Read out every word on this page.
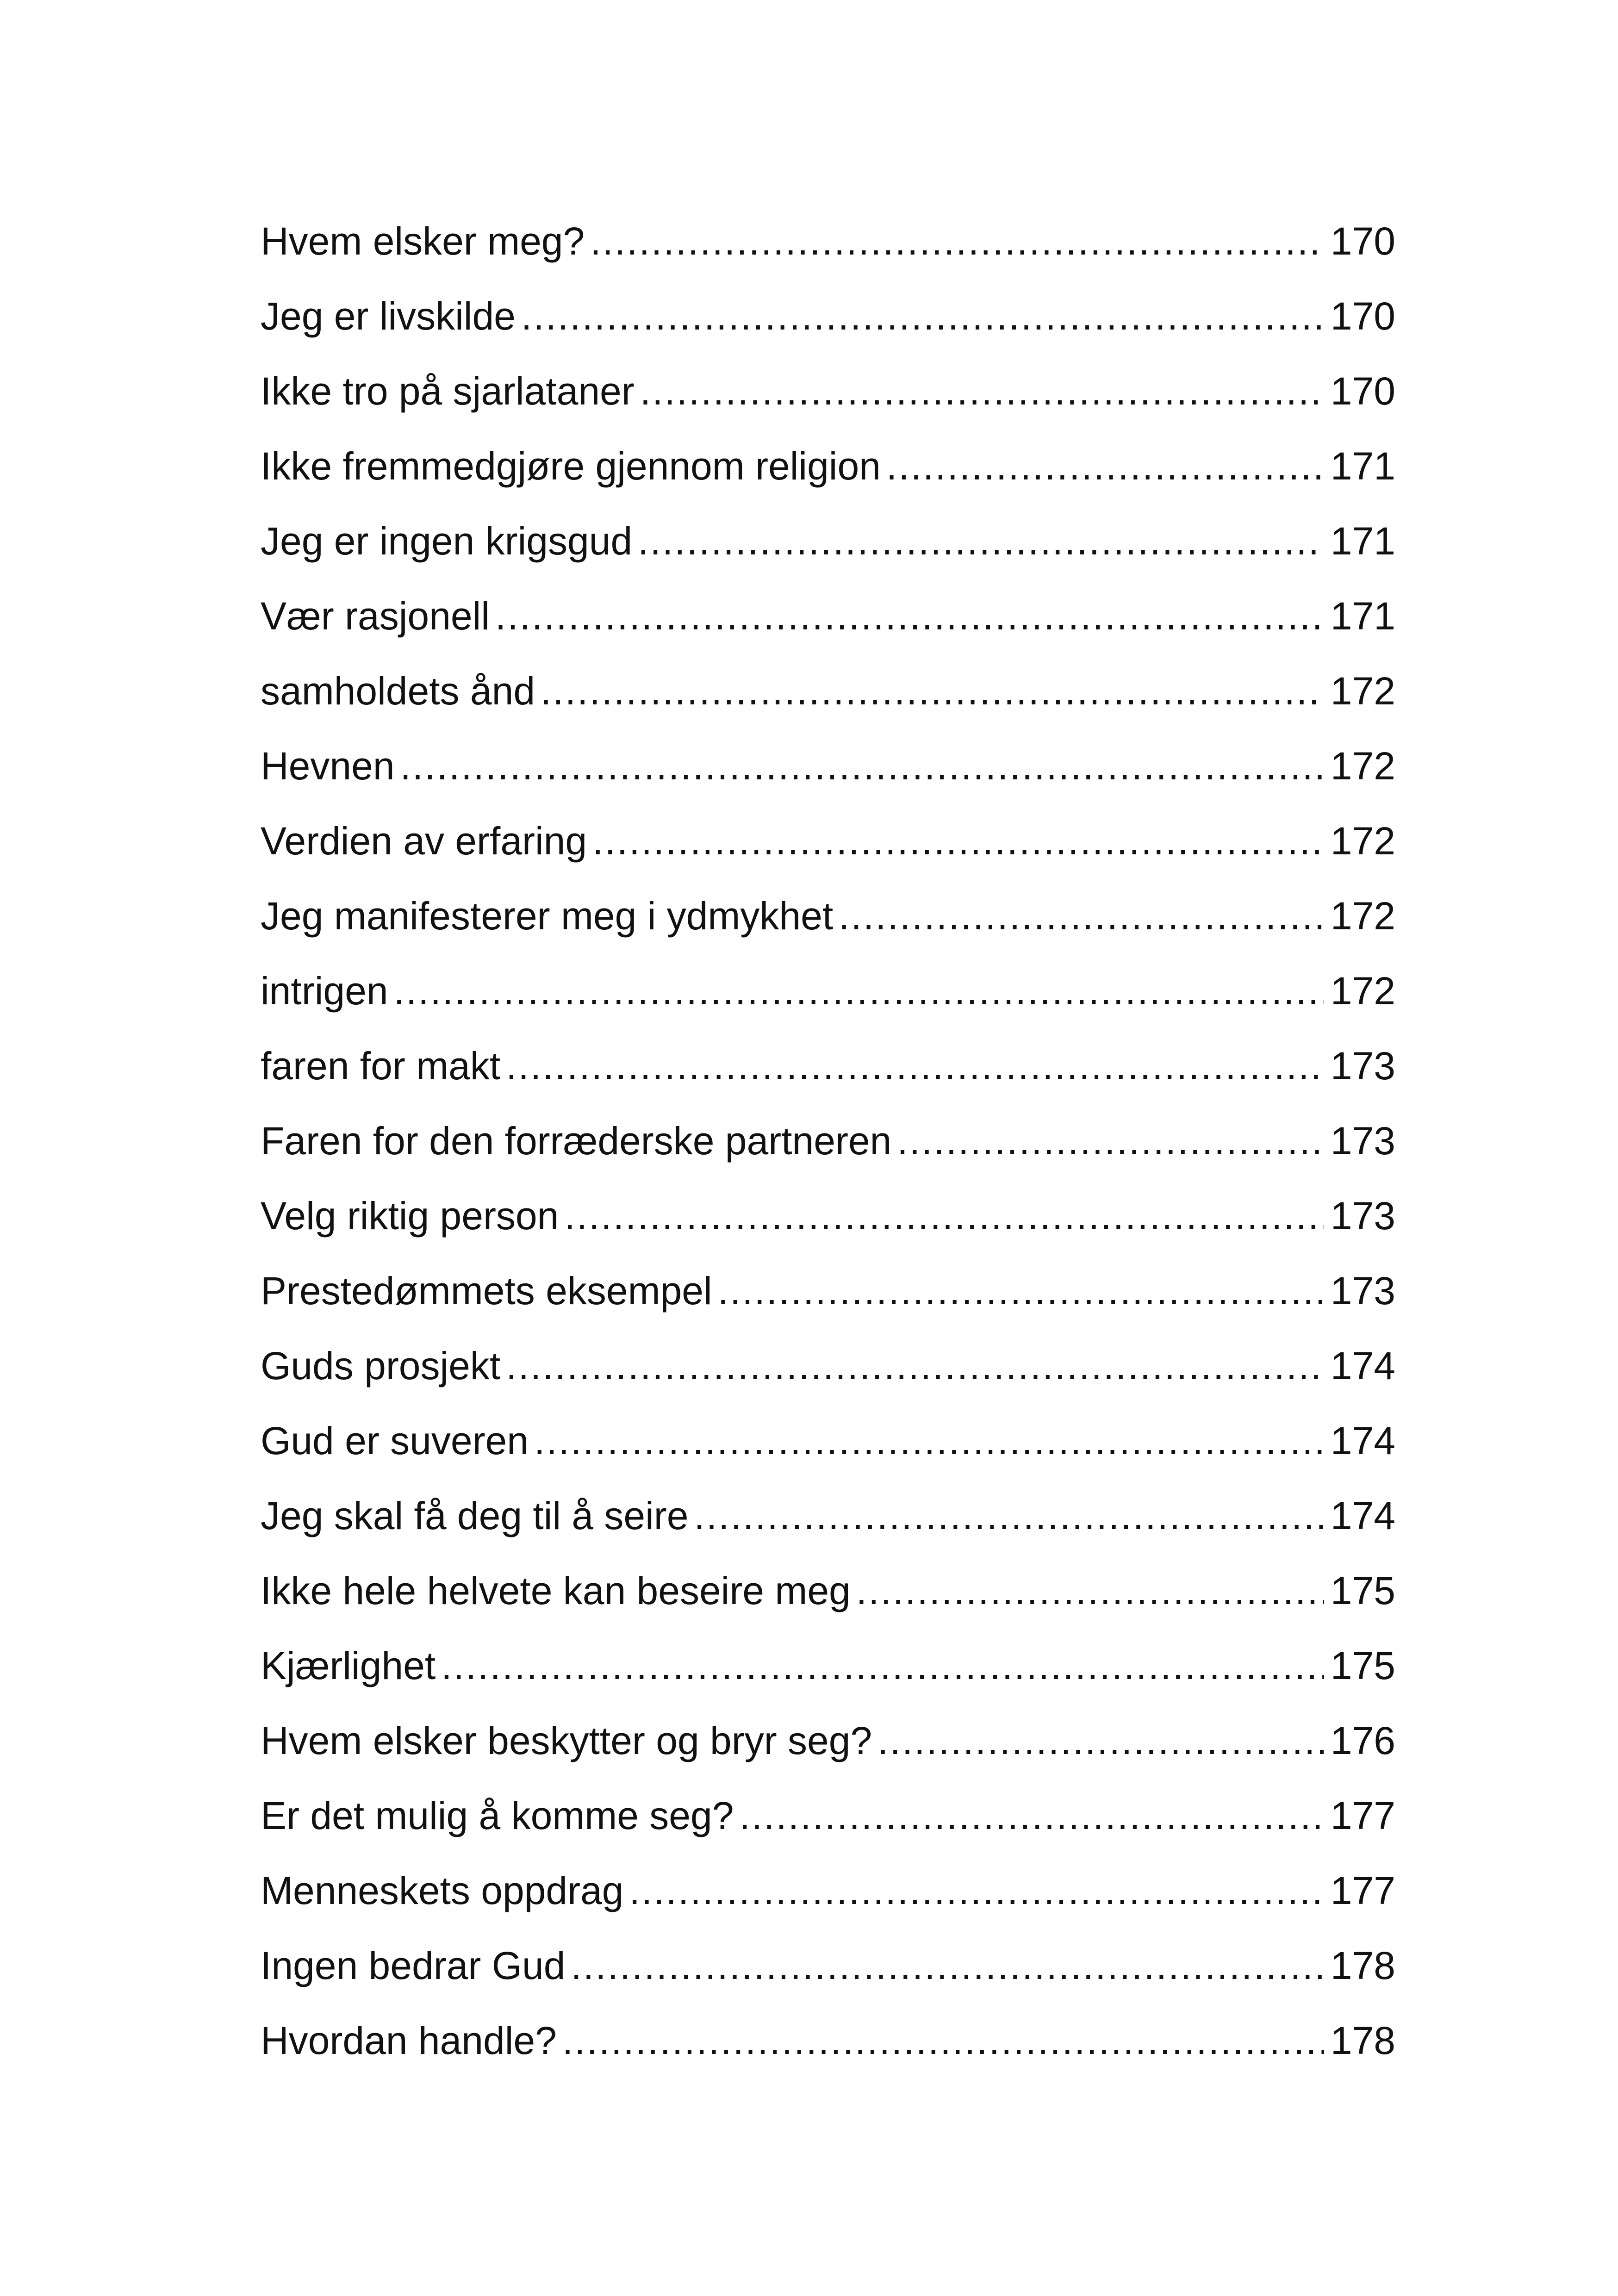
Hvem elsker meg? .....	170
Jeg er livskilde .....	170
Ikke tro på sjarlataner .....	170
Ikke fremmedgjøre gjennom religion .....	171
Jeg er ingen krigsgud .....	171
Vær rasjonell .....	171
samholdets ånd .....	172
Hevnen .....	172
Verdien av erfaring .....	172
Jeg manifesterer meg i ydmykhet .....	172
intrigen .....	172
faren for makt .....	173
Faren for den forræderske partneren .....	173
Velg riktig person .....	173
Prestedømmets eksempel .....	173
Guds prosjekt .....	174
Gud er suveren .....	174
Jeg skal få deg til å seire .....	174
Ikke hele helvete kan beseire meg .....	175
Kjærlighet .....	175
Hvem elsker beskytter og bryr seg? .....	176
Er det mulig å komme seg? .....	177
Menneskets oppdrag .....	177
Ingen bedrar Gud .....	178
Hvordan handle? .....	178
